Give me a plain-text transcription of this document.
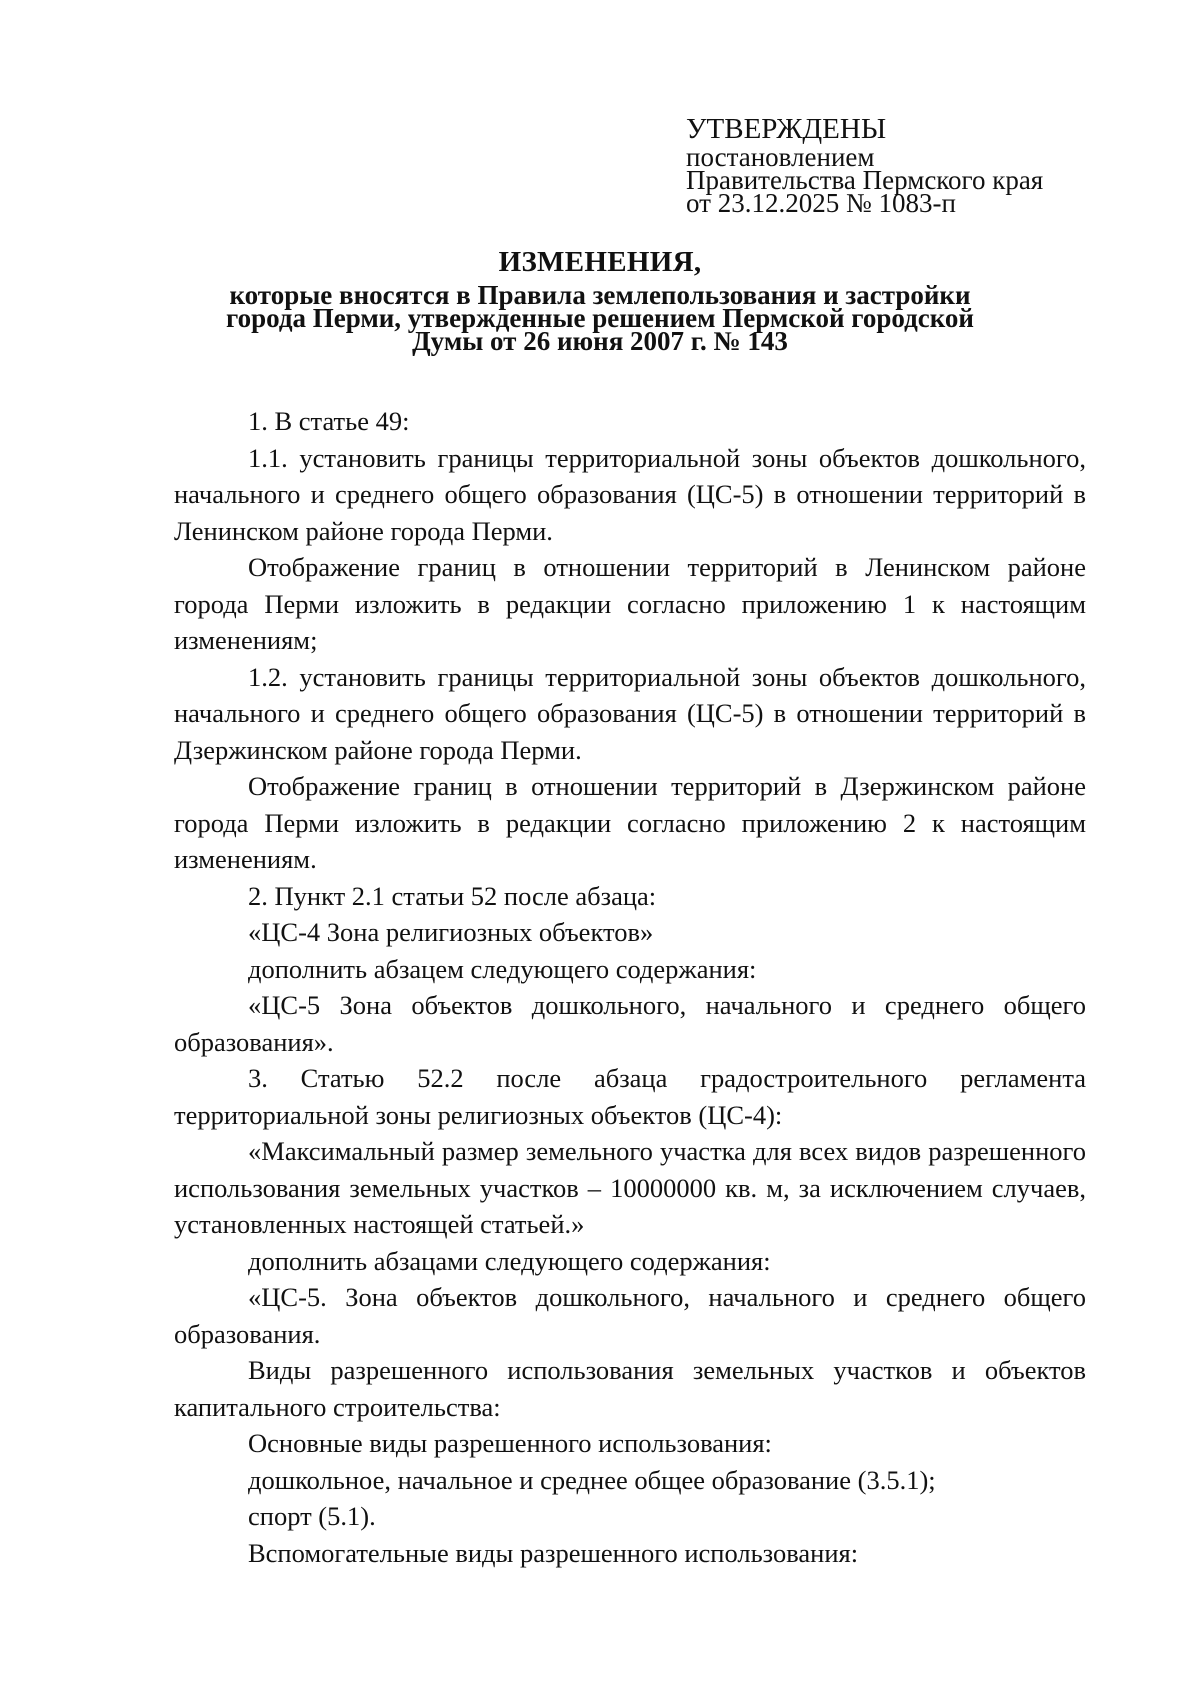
УТВЕРЖДЕНЫ
постановлением
Правительства Пермского края
от 23.12.2025 № 1083-п
ИЗМЕНЕНИЯ,
которые вносятся в Правила землепользования и застройки
города Перми, утвержденные решением Пермской городской
Думы от 26 июня 2007 г. № 143

1. В статье 49:

1.1. установить границы территориальной зоны объектов дошкольного, начального и среднего общего образования (ЦС-5) в отношении территорий в Ленинском районе города Перми.

Отображение границ в отношении территорий в Ленинском районе города Перми изложить в редакции согласно приложению 1 к настоящим изменениям;

1.2. установить границы территориальной зоны объектов дошкольного, начального и среднего общего образования (ЦС-5) в отношении территорий в Дзержинском районе города Перми.

Отображение границ в отношении территорий в Дзержинском районе города Перми изложить в редакции согласно приложению 2 к настоящим изменениям.

2. Пункт 2.1 статьи 52 после абзаца:

«ЦС-4 Зона религиозных объектов»

дополнить абзацем следующего содержания:

«ЦС-5 Зона объектов дошкольного, начального и среднего общего образования».

3. Статью 52.2 после абзаца градостроительного регламента территориальной зоны религиозных объектов (ЦС-4):

«Максимальный размер земельного участка для всех видов разрешенного использования земельных участков – 10000000 кв. м, за исключением случаев, установленных настоящей статьей.»

дополнить абзацами следующего содержания:

«ЦС-5. Зона объектов дошкольного, начального и среднего общего образования.

Виды разрешенного использования земельных участков и объектов капитального строительства:

Основные виды разрешенного использования:

дошкольное, начальное и среднее общее образование (3.5.1);

спорт (5.1).

Вспомогательные виды разрешенного использования:
